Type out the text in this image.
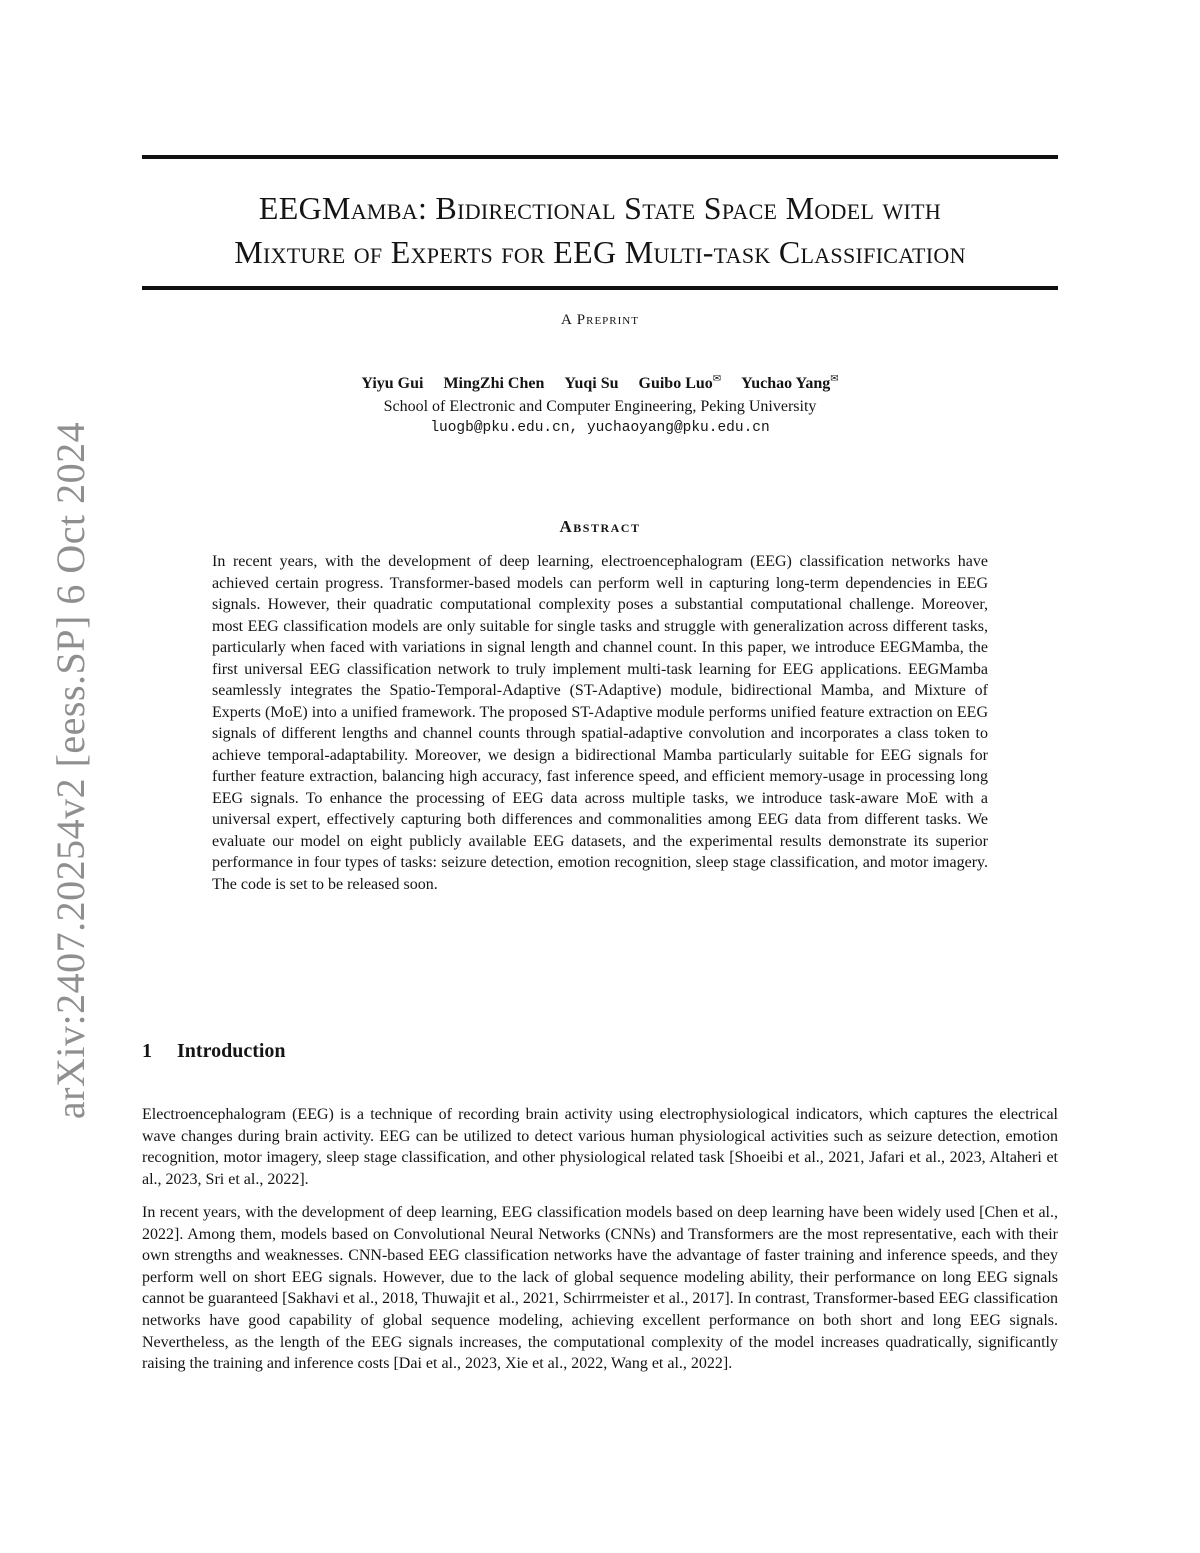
arXiv:2407.20254v2 [eess.SP] 6 Oct 2024
EEGMamba: Bidirectional State Space Model with
Mixture of Experts for EEG Multi-task Classification
A Preprint
Yiyu Gui MingZhi Chen Yuqi Su Guibo Luo✉ Yuchao Yang✉
School of Electronic and Computer Engineering, Peking University
luogb@pku.edu.cn, yuchaoyang@pku.edu.cn
Abstract

In recent years, with the development of deep learning, electroencephalogram (EEG) classification networks have achieved certain progress. Transformer-based models can perform well in capturing long-term dependencies in EEG signals. However, their quadratic computational complexity poses a substantial computational challenge. Moreover, most EEG classification models are only suitable for single tasks and struggle with generalization across different tasks, particularly when faced with variations in signal length and channel count. In this paper, we introduce EEGMamba, the first universal EEG classification network to truly implement multi-task learning for EEG applications. EEGMamba seamlessly integrates the Spatio-Temporal-Adaptive (ST-Adaptive) module, bidirectional Mamba, and Mixture of Experts (MoE) into a unified framework. The proposed ST-Adaptive module performs unified feature extraction on EEG signals of different lengths and channel counts through spatial-adaptive convolution and incorporates a class token to achieve temporal-adaptability. Moreover, we design a bidirectional Mamba particularly suitable for EEG signals for further feature extraction, balancing high accuracy, fast inference speed, and efficient memory-usage in processing long EEG signals. To enhance the processing of EEG data across multiple tasks, we introduce task-aware MoE with a universal expert, effectively capturing both differences and commonalities among EEG data from different tasks. We evaluate our model on eight publicly available EEG datasets, and the experimental results demonstrate its superior performance in four types of tasks: seizure detection, emotion recognition, sleep stage classification, and motor imagery. The code is set to be released soon.

1 Introduction

Electroencephalogram (EEG) is a technique of recording brain activity using electrophysiological indicators, which captures the electrical wave changes during brain activity. EEG can be utilized to detect various human physiological activities such as seizure detection, emotion recognition, motor imagery, sleep stage classification, and other physiological related task [Shoeibi et al., 2021, Jafari et al., 2023, Altaheri et al., 2023, Sri et al., 2022].

In recent years, with the development of deep learning, EEG classification models based on deep learning have been widely used [Chen et al., 2022]. Among them, models based on Convolutional Neural Networks (CNNs) and Transformers are the most representative, each with their own strengths and weaknesses. CNN-based EEG classification networks have the advantage of faster training and inference speeds, and they perform well on short EEG signals. However, due to the lack of global sequence modeling ability, their performance on long EEG signals cannot be guaranteed [Sakhavi et al., 2018, Thuwajit et al., 2021, Schirrmeister et al., 2017]. In contrast, Transformer-based EEG classification networks have good capability of global sequence modeling, achieving excellent performance on both short and long EEG signals. Nevertheless, as the length of the EEG signals increases, the computational complexity of the model increases quadratically, significantly raising the training and inference costs [Dai et al., 2023, Xie et al., 2022, Wang et al., 2022].
